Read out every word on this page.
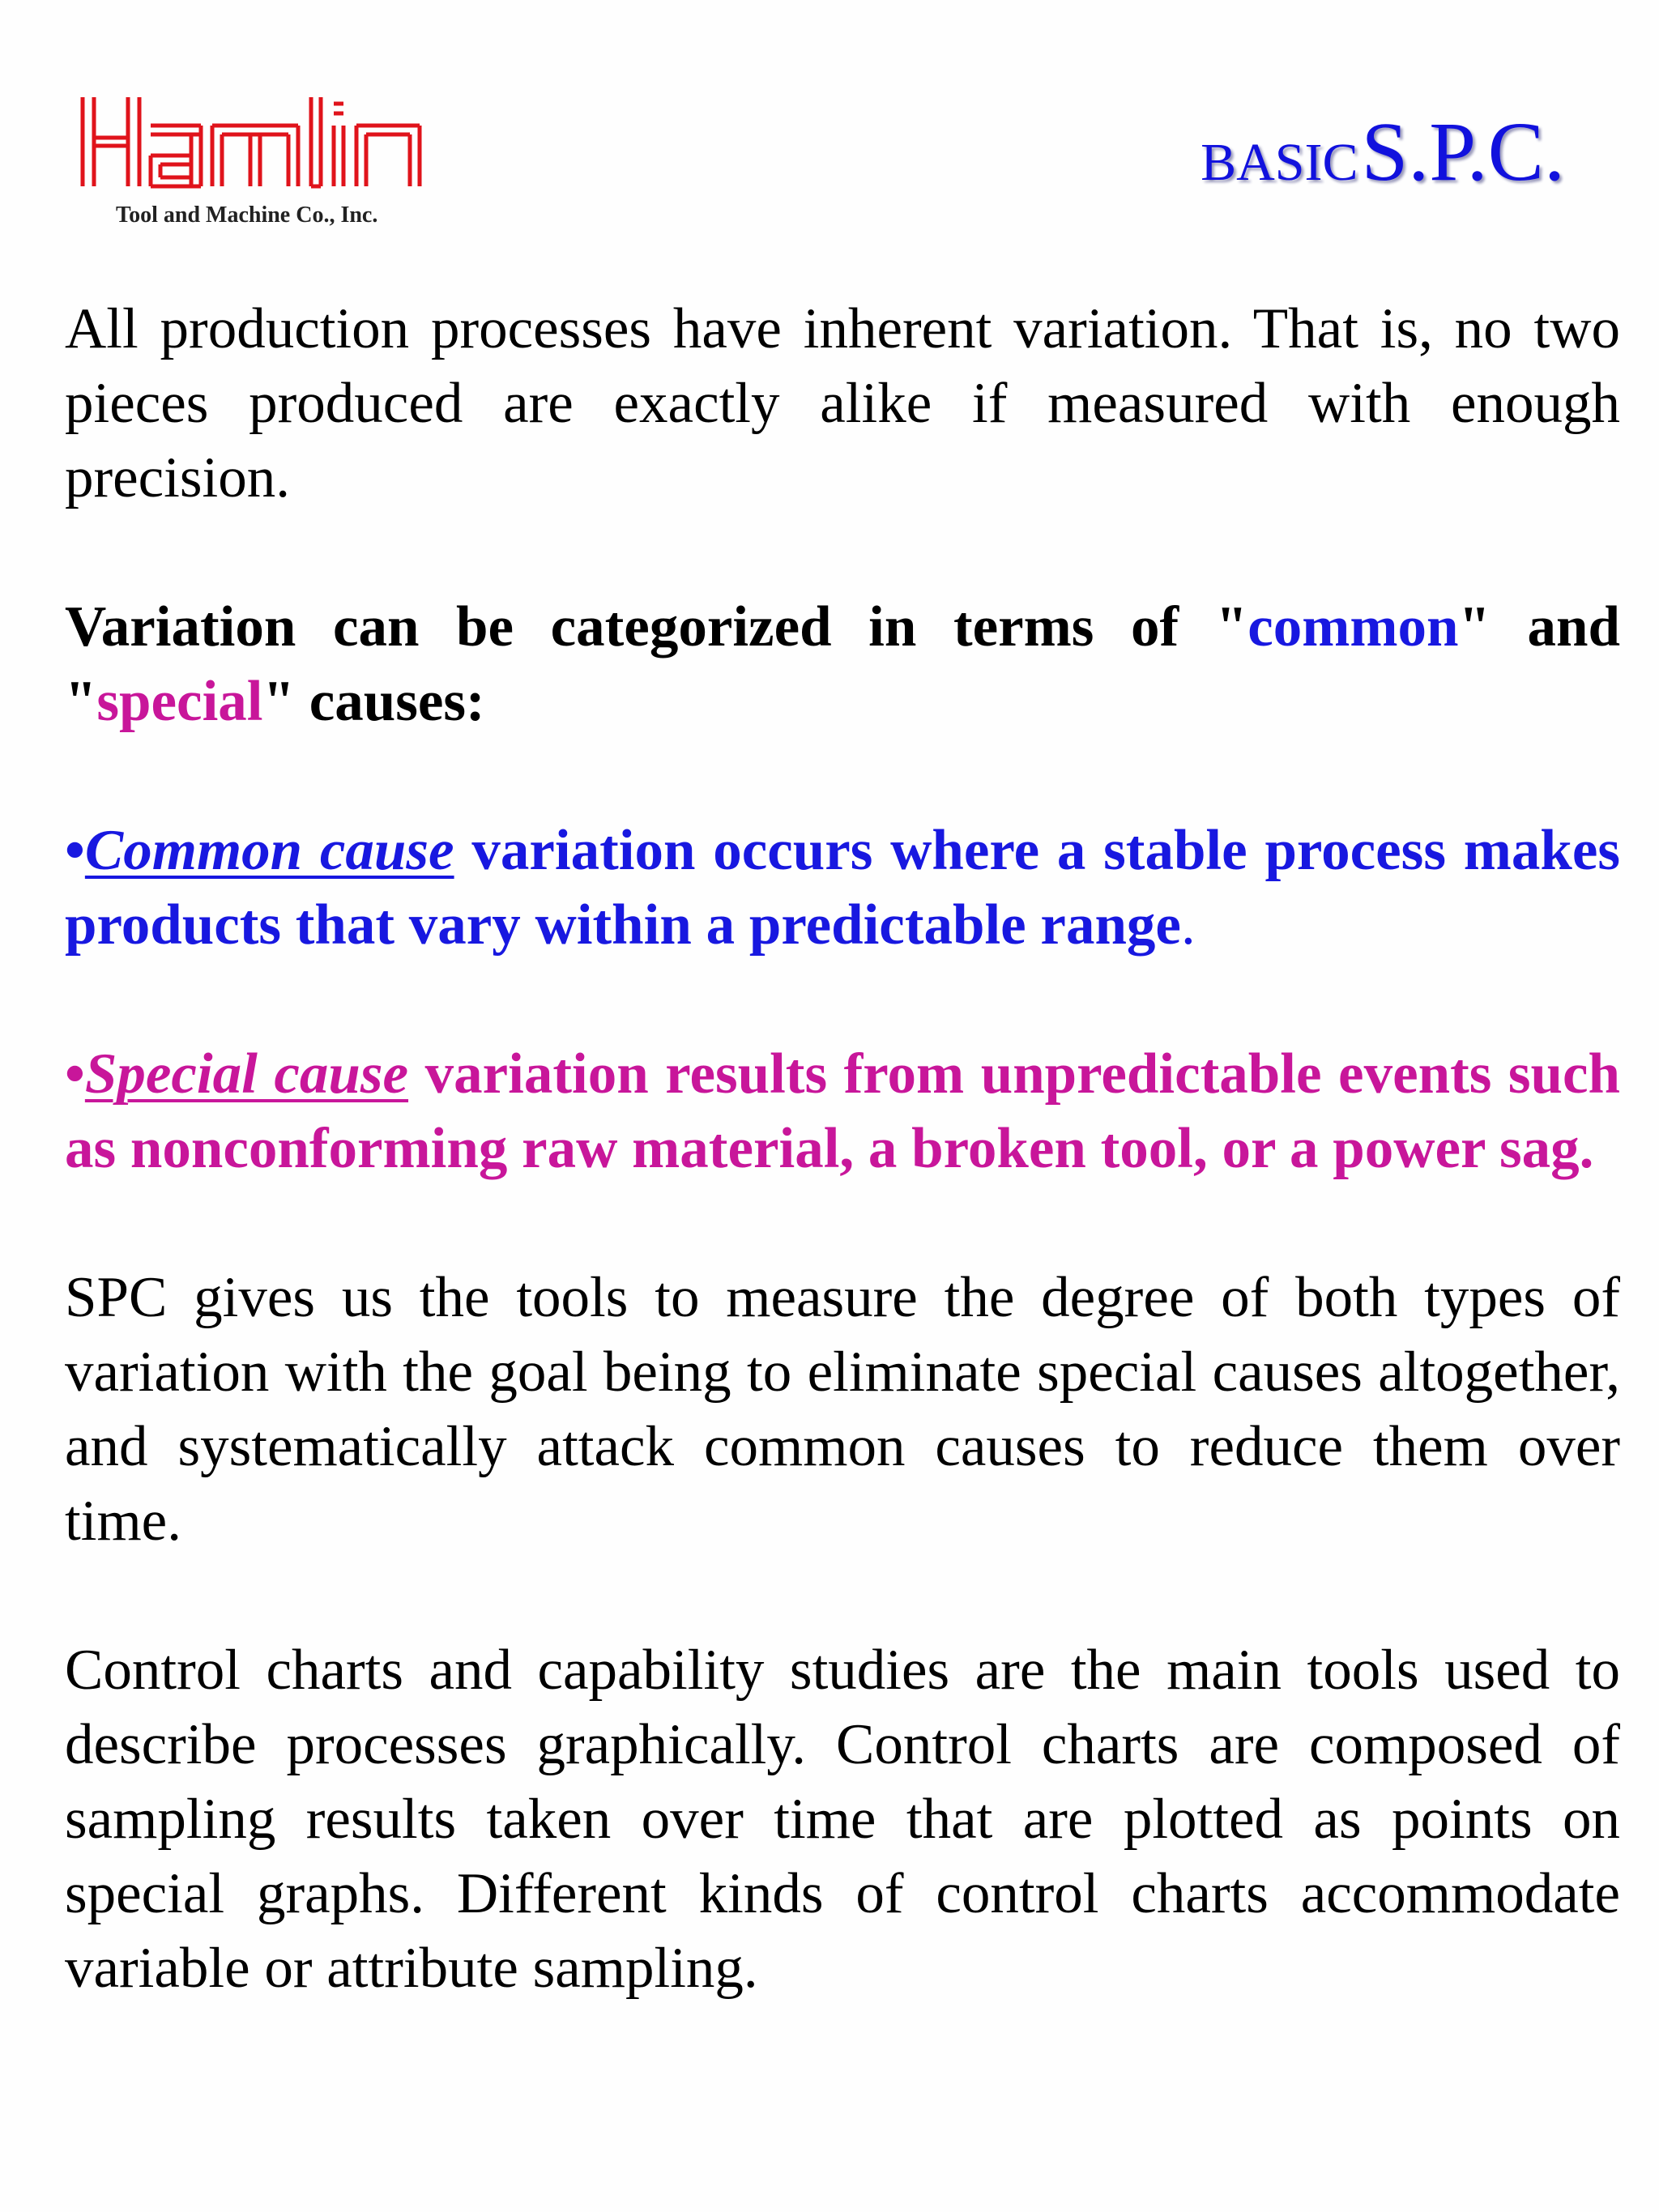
Tool and Machine Co., Inc.
BASIC S.P.C.

All production processes have inherent variation. That is, no two pieces produced are exactly alike if measured with enough precision.

Variation can be categorized in terms of "common" and "special" causes:

•Common cause variation occurs where a stable process makes products that vary within a predictable range.

•Special cause variation results from unpredictable events such as nonconforming raw material, a broken tool, or a power sag.

SPC gives us the tools to measure the degree of both types of variation with the goal being to eliminate special causes altogether, and systematically attack common causes to reduce them over time.

Control charts and capability studies are the main tools used to describe processes graphically. Control charts are composed of sampling results taken over time that are plotted as points on special graphs. Different kinds of control charts accommodate variable or attribute sampling.
